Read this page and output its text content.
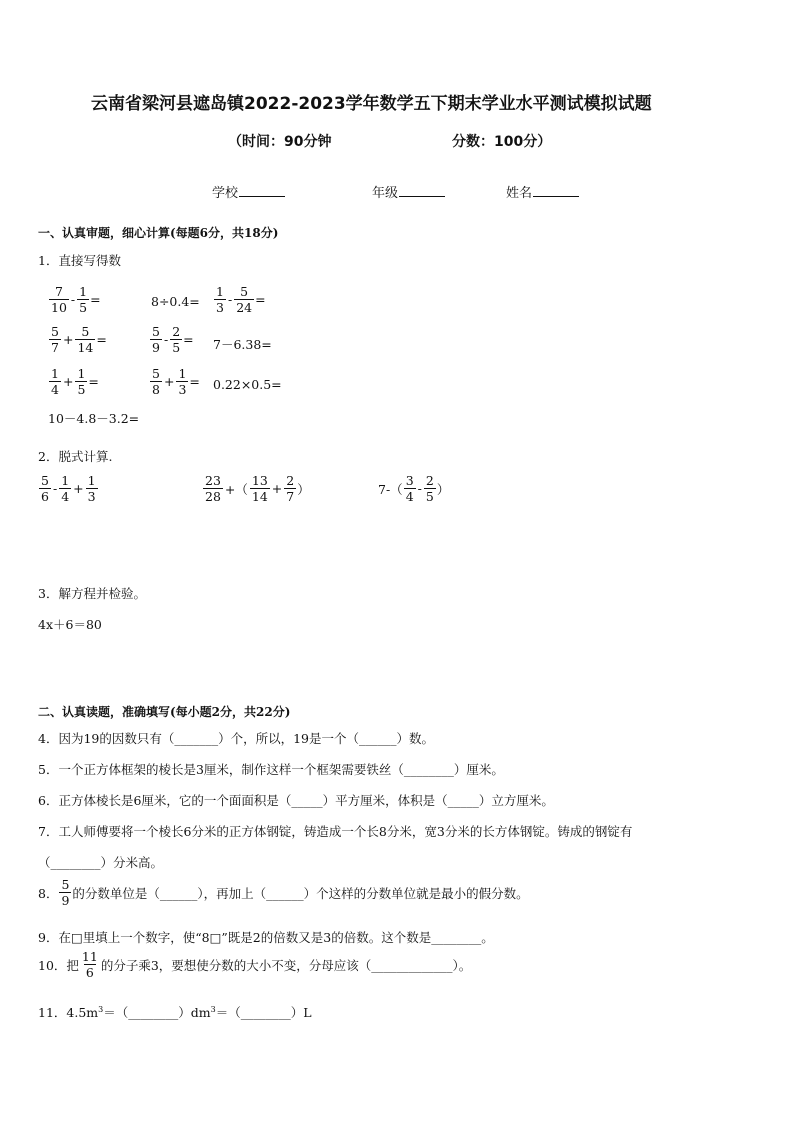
云南省梁河县遮岛镇2022-2023学年数学五下期末学业水平测试模拟试题
（时间：90分钟	分数：100分）
学校	年级	姓名
一、认真审题，细心计算(每题6分，共18分)
1．直接写得数
$\frac{7}{10} - \frac{1}{5}$ =	$8\div 0.4= \frac{1}{3} - \frac{5}{24}$ =
$\frac{5}{7} + \frac{5}{14}$ =	$\frac{5}{9} - \frac{2}{5} = 7-6.38=$
$\frac{1}{4} + \frac{1}{5}$ =	$\frac{5}{8} + \frac{1}{3} = 0.22\times 0.5=$
10－4.8－3.2=
2．脱式计算.
$\frac{5}{6} - \frac{1}{4} + \frac{1}{3}$	$\frac{23}{28}$ +（ $\frac{13}{14} + \frac{2}{7}$ ）	$7-( \frac{3}{4} - \frac{2}{5}$ ）
3．解方程并检验。
4x＋6＝80
二、认真读题，准确填写(每小题2分，共22分)
4．因为19的因数只有（_______）个，所以，19是一个（______）数。
5．一个正方体框架的棱长是3厘米，制作这样一个框架需要铁丝（________）厘米。
6．正方体棱长是6厘米，它的一个面面积是（_____）平方厘米，体积是（_____）立方厘米。
7．工人师傅要将一个棱长6分米的正方体钢锭，铸造成一个长8分米，宽3分米的长方体钢锭。铸成的钢锭有
（________）分米高。
8． $\frac{5}{9}$ 的分数单位是（______），再加上（______）个这样的分数单位就是最小的假分数。
9．在□里填上一个数字，使“8□”既是2的倍数又是3的倍数。这个数是________。
10．把 $\frac{11}{6}$ 的分子乘3，要想使分数的大小不变，分母应该（_____________）。
11．$4.5m^3=(\_\_\_\_\_\_\_\_)dm^3=(\_\_\_\_\_\_\_\_)L$
